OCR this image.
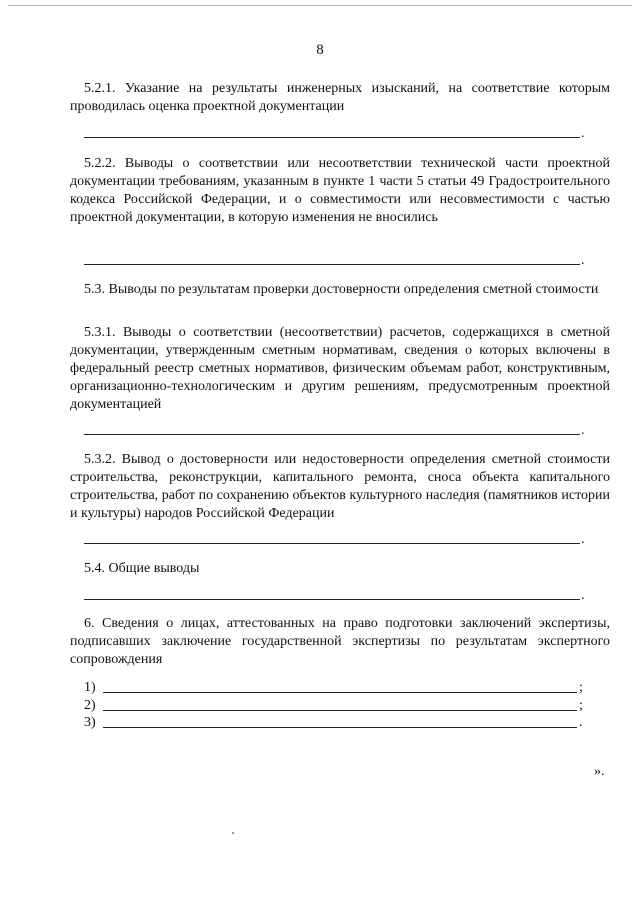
8
5.2.1. Указание на результаты инженерных изысканий, на соответствие которым проводилась оценка проектной документации
.
5.2.2. Выводы о соответствии или несоответствии технической части проектной документации требованиям, указанным в пункте 1 части 5 статьи 49 Градостроительного кодекса Российской Федерации, и о совместимости или несовместимости с частью проектной документации, в которую изменения не вносились
.
5.3. Выводы по результатам проверки достоверности определения сметной стоимости
5.3.1. Выводы о соответствии (несоответствии) расчетов, содержащихся в сметной документации, утвержденным сметным нормативам, сведения о которых включены в федеральный реестр сметных нормативов, физическим объемам работ, конструктивным, организационно-технологическим и другим решениям, предусмотренным проектной документацией
.
5.3.2. Вывод о достоверности или недостоверности определения сметной стоимости строительства, реконструкции, капитального ремонта, сноса объекта капитального строительства, работ по сохранению объектов культурного наследия (памятников истории и культуры) народов Российской Федерации
.
5.4. Общие выводы
.
6. Сведения о лицах, аттестованных на право подготовки заключений экспертизы, подписавших заключение государственной экспертизы по результатам экспертного сопровождения
1)	;
2)	;
3)	.
».
